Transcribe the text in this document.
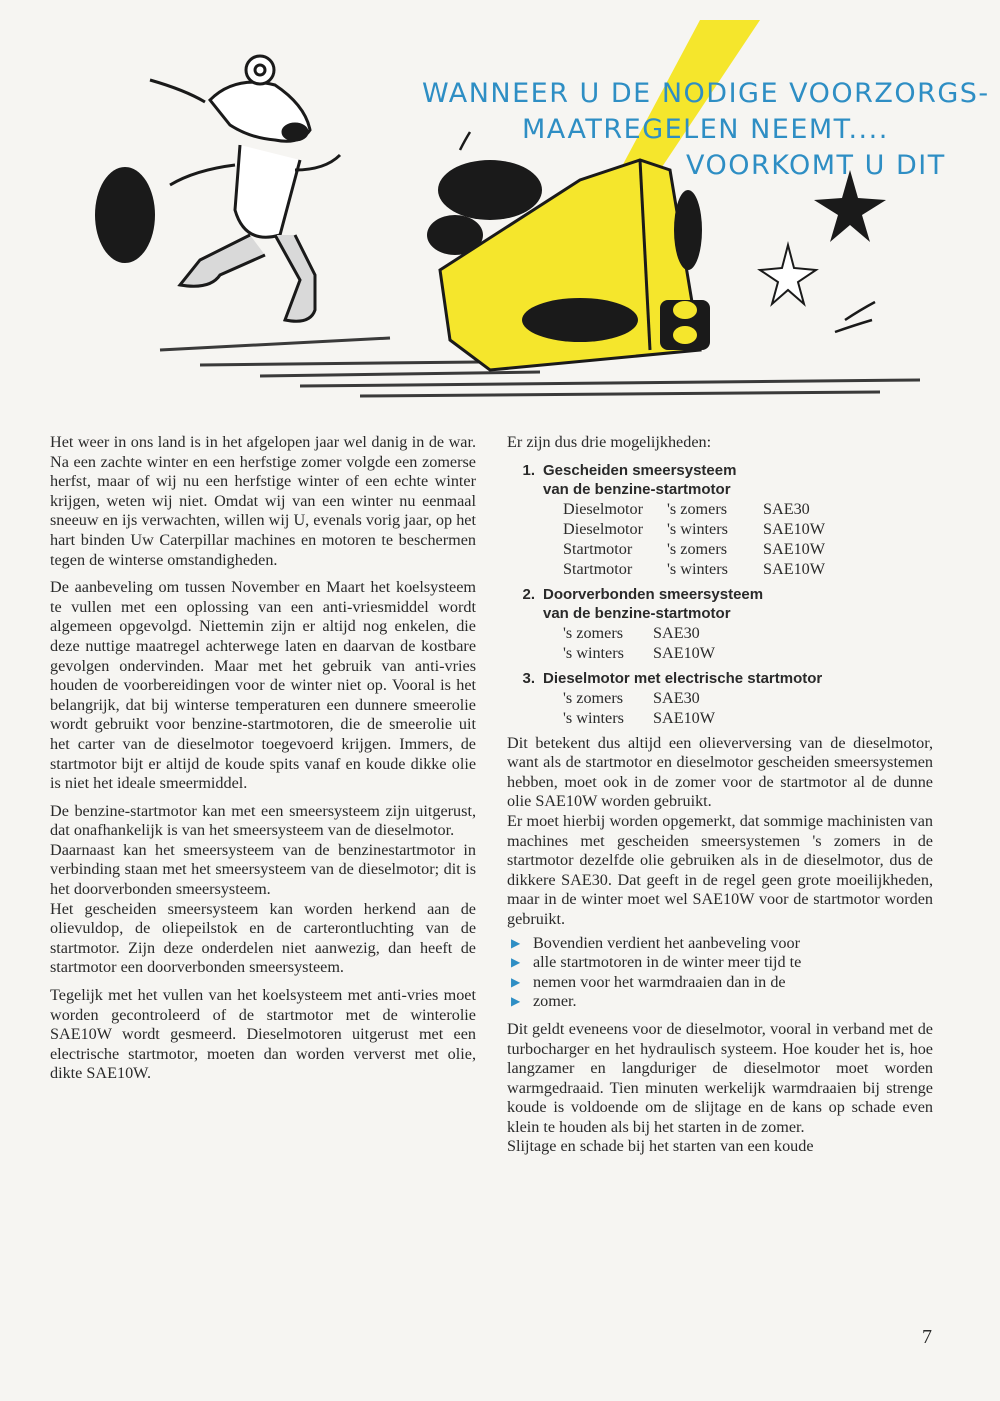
WANNEER U DE NODIGE VOORZORGS-
MAATREGELEN NEEMT....
VOORKOMT U DIT

Het weer in ons land is in het afgelopen jaar wel danig in de war. Na een zachte winter en een herfstige zomer volgde een zomerse herfst, maar of wij nu een herfstige winter of een echte winter krijgen, weten wij niet. Omdat wij van een winter nu eenmaal sneeuw en ijs verwachten, willen wij U, evenals vorig jaar, op het hart binden Uw Caterpillar machines en motoren te beschermen tegen de winterse omstandigheden.

De aanbeveling om tussen November en Maart het koelsysteem te vullen met een oplossing van een anti-vriesmiddel wordt algemeen opgevolgd. Niettemin zijn er altijd nog enkelen, die deze nuttige maatregel achterwege laten en daarvan de kostbare gevolgen ondervinden. Maar met het gebruik van anti-vries houden de voorbereidingen voor de winter niet op. Vooral is het belangrijk, dat bij winterse temperaturen een dunnere smeerolie wordt gebruikt voor benzine-startmotoren, die de smeerolie uit het carter van de dieselmotor toegevoerd krijgen. Immers, de startmotor bijt er altijd de koude spits vanaf en koude dikke olie is niet het ideale smeermiddel.

De benzine-startmotor kan met een smeersysteem zijn uitgerust, dat onafhankelijk is van het smeersysteem van de dieselmotor.

Daarnaast kan het smeersysteem van de benzinestartmotor in verbinding staan met het smeersysteem van de dieselmotor; dit is het doorverbonden smeersysteem.

Het gescheiden smeersysteem kan worden herkend aan de olievuldop, de oliepeilstok en de carterontluchting van de startmotor. Zijn deze onderdelen niet aanwezig, dan heeft de startmotor een doorverbonden smeersysteem.

Tegelijk met het vullen van het koelsysteem met anti-vries moet worden gecontroleerd of de startmotor met de winterolie SAE10W wordt gesmeerd. Dieselmotoren uitgerust met een electrische startmotor, moeten dan worden ververst met olie, dikte SAE10W.

Er zijn dus drie mogelijkheden:

1. Gescheiden smeersysteem
van de benzine-startmotor
Dieselmotor	's zomers	SAE30
Dieselmotor	's winters	SAE10W
Startmotor	's zomers	SAE10W
Startmotor	's winters	SAE10W
2. Doorverbonden smeersysteem
van de benzine-startmotor
's zomers	SAE30
's winters	SAE10W
3. Dieselmotor met electrische startmotor
's zomers	SAE30
's winters	SAE10W

Dit betekent dus altijd een olieverversing van de dieselmotor, want als de startmotor en dieselmotor gescheiden smeersystemen hebben, moet ook in de zomer voor de startmotor al de dunne olie SAE10W worden gebruikt.

Er moet hierbij worden opgemerkt, dat sommige machinisten van machines met gescheiden smeersystemen 's zomers in de startmotor dezelfde olie gebruiken als in de dieselmotor, dus de dikkere SAE30. Dat geeft in de regel geen grote moeilijkheden, maar in de winter moet wel SAE10W voor de startmotor worden gebruikt.

▶ Bovendien verdient het aanbeveling voor
▶ alle startmotoren in de winter meer tijd te
▶ nemen voor het warmdraaien dan in de
▶ zomer.

Dit geldt eveneens voor de dieselmotor, vooral in verband met de turbocharger en het hydraulisch systeem. Hoe kouder het is, hoe langzamer en langduriger de dieselmotor moet worden warmgedraaid. Tien minuten werkelijk warmdraaien bij strenge koude is voldoende om de slijtage en de kans op schade even klein te houden als bij het starten in de zomer.

Slijtage en schade bij het starten van een koude

7
